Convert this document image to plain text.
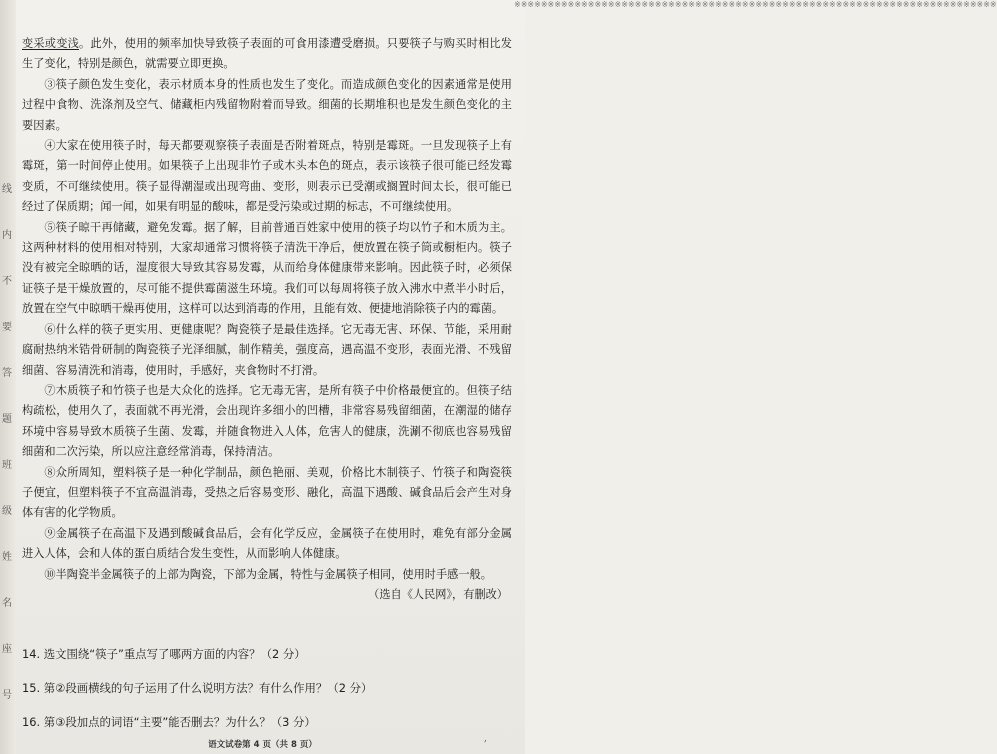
线
内
不
要
答
题
班
级
姓
名
座
号
※※※※※※※※※※※※※※※※※※※※※※※※※※※※※※※※※※※※※※※※※※※※※※※※※※※※※※※※※※※※※※※※※※※※※※※※

变采或变浅。此外，使用的频率加快导致筷子表面的可食用漆遭受磨损。只要筷子与购买时相比发生了变化，特别是颜色，就需要立即更换。

③筷子颜色发生变化，表示材质本身的性质也发生了变化。而造成颜色变化的因素通常是使用过程中食物、洗涤剂及空气、储藏柜内残留物附着而导致。细菌的长期堆积也是发生颜色变化的主要因素。

④大家在使用筷子时，每天都要观察筷子表面是否附着斑点，特别是霉斑。一旦发现筷子上有霉斑，第一时间停止使用。如果筷子上出现非竹子或木头本色的斑点，表示该筷子很可能已经发霉变质，不可继续使用。筷子显得潮湿或出现弯曲、变形，则表示已受潮或搁置时间太长，很可能已经过了保质期；闻一闻，如果有明显的酸味，都是受污染或过期的标志，不可继续使用。

⑤筷子晾干再储藏，避免发霉。据了解，目前普通百姓家中使用的筷子均以竹子和木质为主。这两种材料的使用相对特别，大家却通常习惯将筷子清洗干净后，便放置在筷子筒或橱柜内。筷子没有被完全晾晒的话，湿度很大导致其容易发霉，从而给身体健康带来影响。因此筷子时，必须保证筷子是干燥放置的，尽可能不提供霉菌滋生环境。我们可以每周将筷子放入沸水中煮半小时后，放置在空气中晾晒干燥再使用，这样可以达到消毒的作用，且能有效、便捷地消除筷子内的霉菌。

⑥什么样的筷子更实用、更健康呢？陶瓷筷子是最佳选择。它无毒无害、环保、节能，采用耐腐耐热纳米锆骨研制的陶瓷筷子光泽细腻，制作精美，强度高，遇高温不变形，表面光滑、不残留细菌、容易清洗和消毒，使用时，手感好，夹食物时不打滑。

⑦木质筷子和竹筷子也是大众化的选择。它无毒无害，是所有筷子中价格最便宜的。但筷子结构疏松，使用久了，表面就不再光滑，会出现许多细小的凹槽，非常容易残留细菌，在潮湿的储存环境中容易导致木质筷子生菌、发霉，并随食物进入人体，危害人的健康，洗涮不彻底也容易残留细菌和二次污染，所以应注意经常消毒，保持清洁。

⑧众所周知，塑料筷子是一种化学制品，颜色艳丽、美观，价格比木制筷子、竹筷子和陶瓷筷子便宜，但塑料筷子不宜高温消毒，受热之后容易变形、融化，高温下遇酸、碱食品后会产生对身体有害的化学物质。

⑨金属筷子在高温下及遇到酸碱食品后，会有化学反应，金属筷子在使用时，难免有部分金属进入人体，会和人体的蛋白质结合发生变性，从而影响人体健康。

⑩半陶瓷半金属筷子的上部为陶瓷，下部为金属，特性与金属筷子相同，使用时手感一般。

（选自《人民网》，有删改）

14. 选文围绕“筷子”重点写了哪两方面的内容？（2 分）
15. 第②段画横线的句子运用了什么说明方法？有什么作用？（2 分）
16. 第③段加点的词语“主要”能否删去？为什么？（3 分）
语文试卷第 4 页（共 8 页）
,
